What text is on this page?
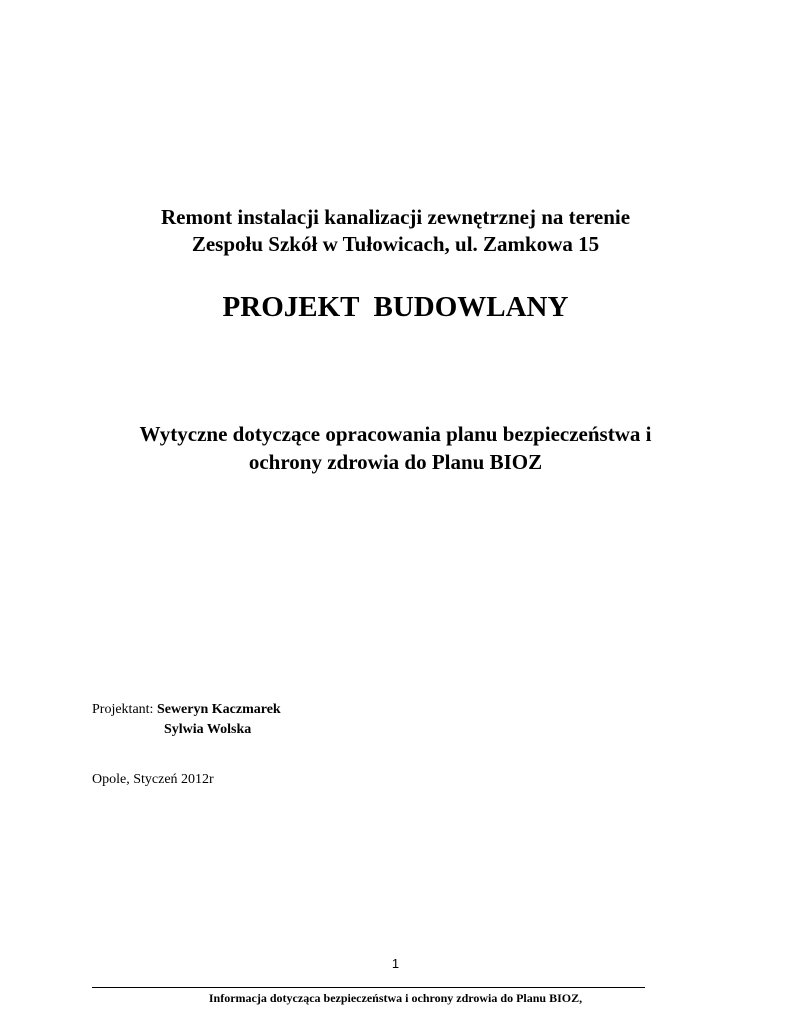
Remont instalacji kanalizacji zewnętrznej na terenie
Zespołu Szkół w Tułowicach, ul. Zamkowa 15
PROJEKT  BUDOWLANY
Wytyczne dotyczące opracowania planu bezpieczeństwa i
ochrony zdrowia do Planu BIOZ
Projektant: Seweryn Kaczmarek
Sylwia Wolska
Opole, Styczeń 2012r
1
Informacja dotycząca bezpieczeństwa i ochrony zdrowia do Planu BIOZ,
